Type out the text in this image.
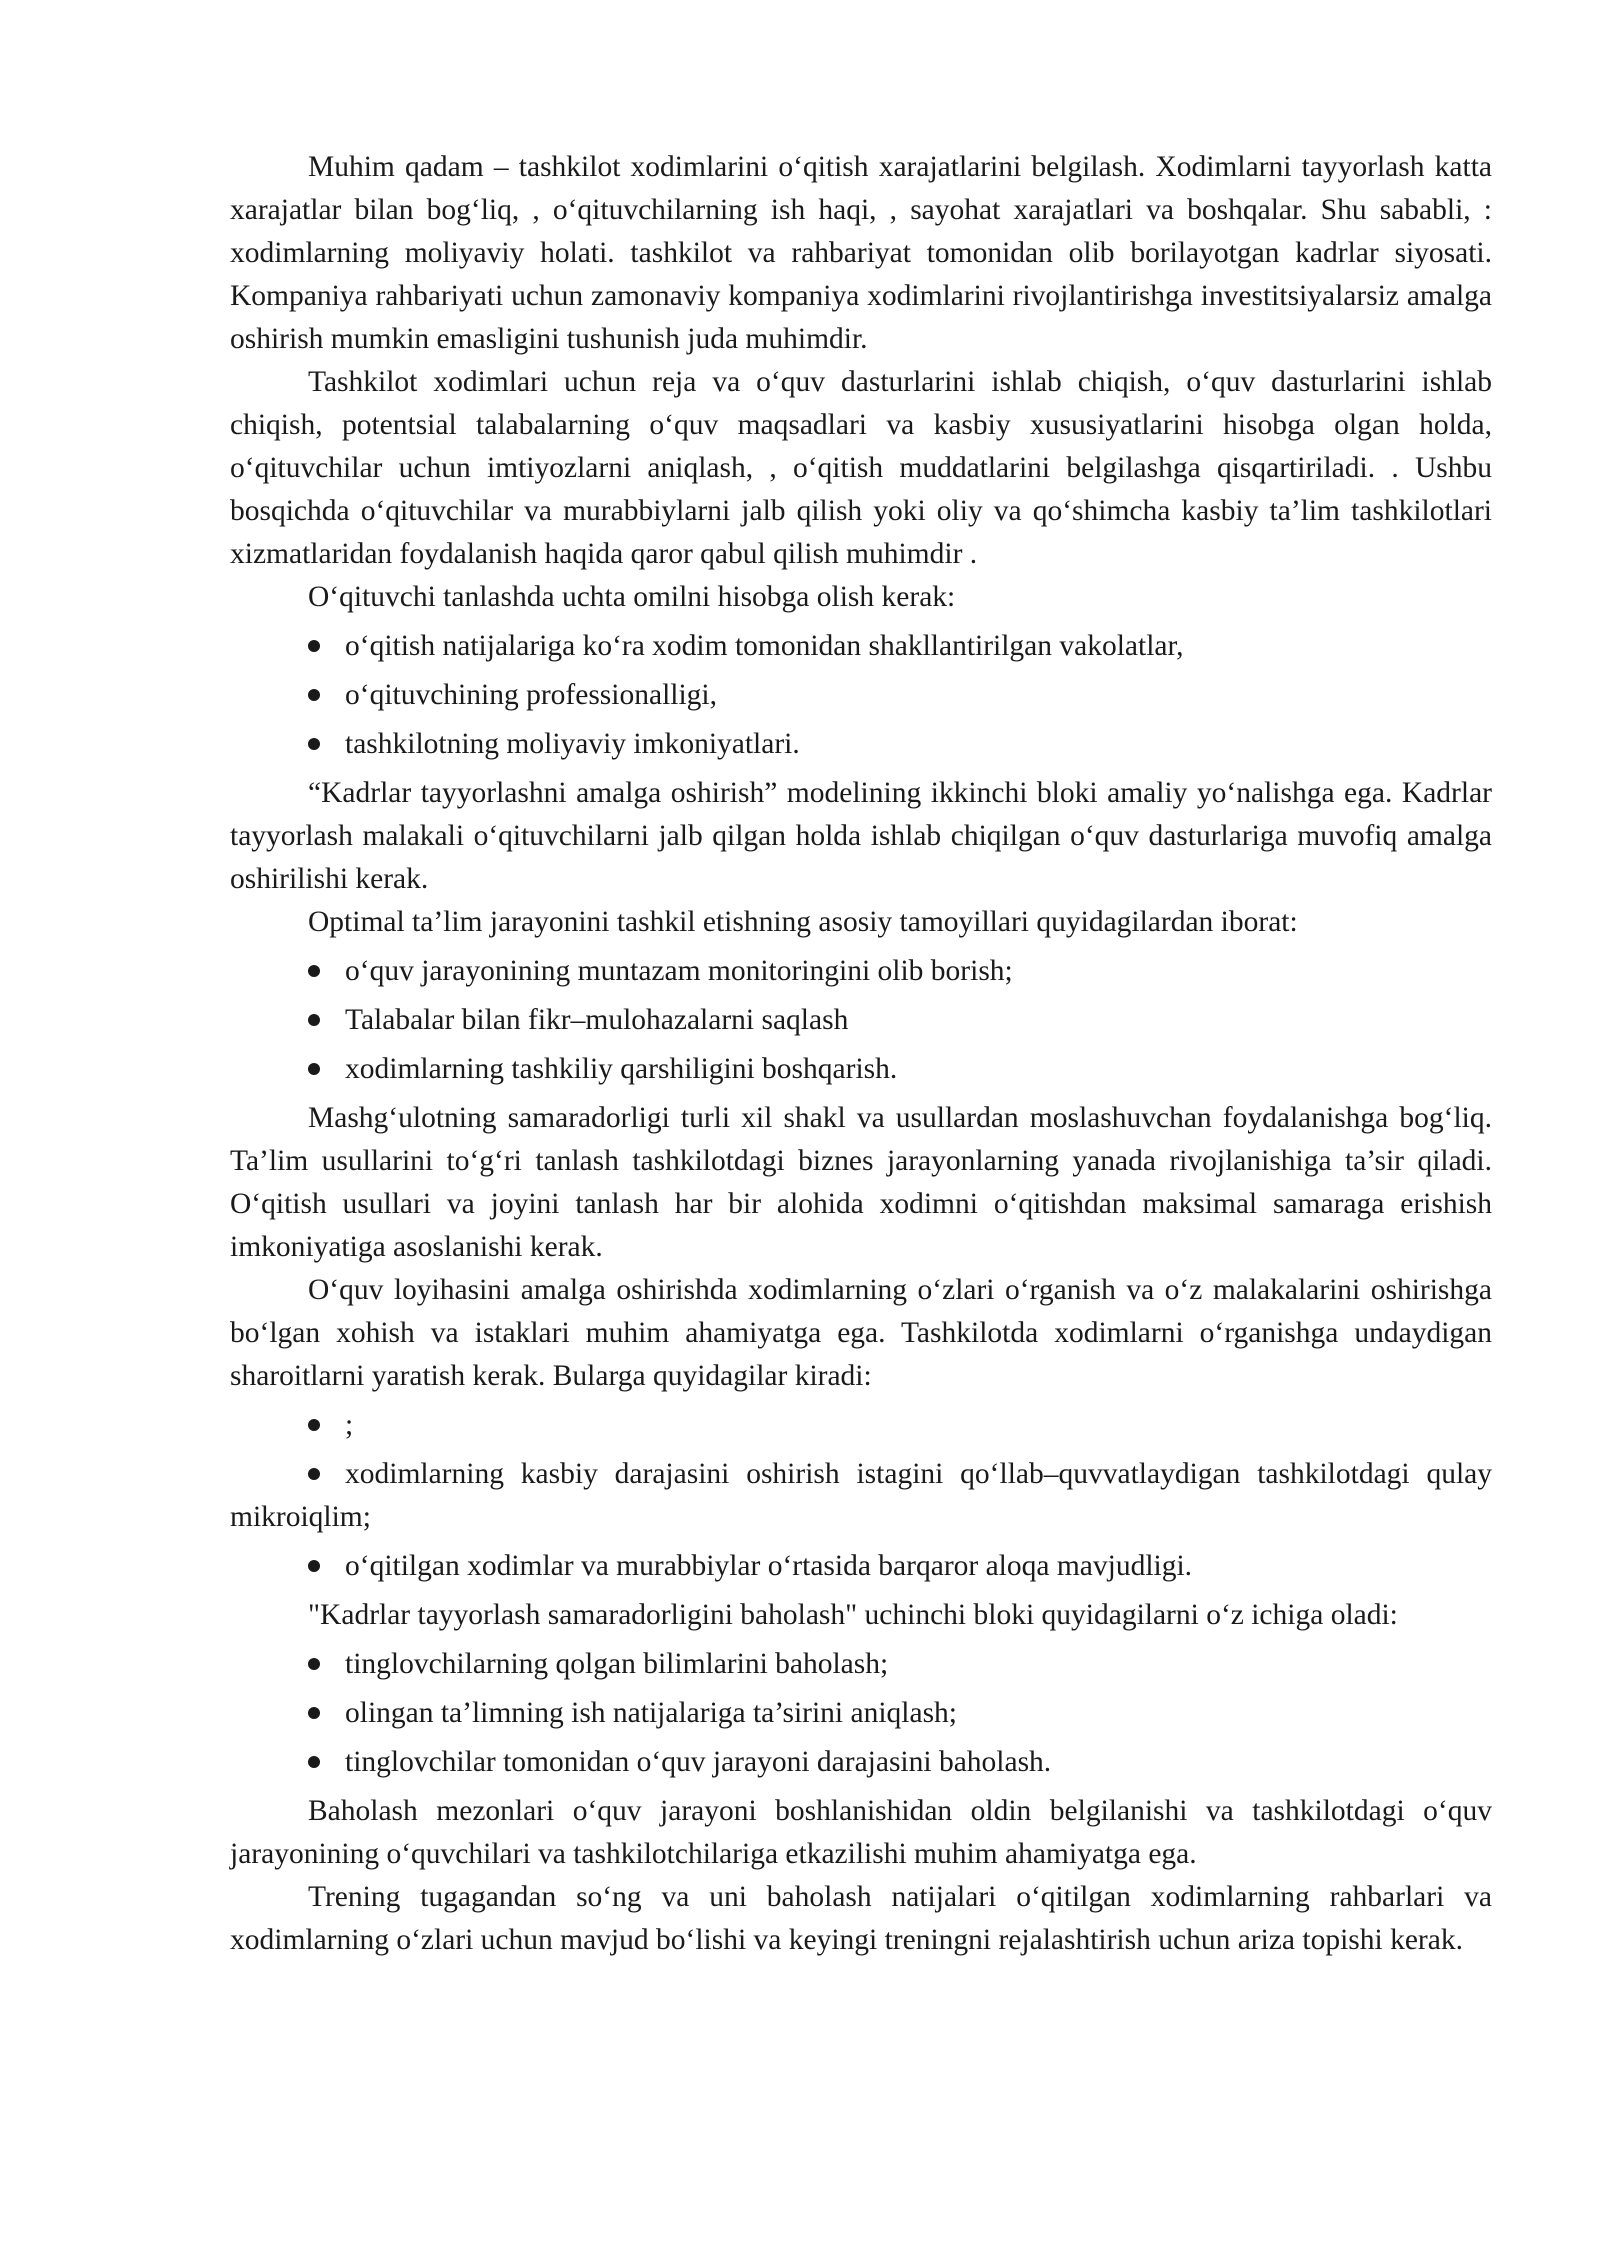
Muhim qadam – tashkilot xodimlarini oʻqitish xarajatlarini belgilash. Xodimlarni tayyorlash katta xarajatlar bilan bogʻliq, , oʻqituvchilarning ish haqi, , sayohat xarajatlari va boshqalar. Shu sababli, : xodimlarning moliyaviy holati. tashkilot va rahbariyat tomonidan olib borilayotgan kadrlar siyosati. Kompaniya rahbariyati uchun zamonaviy kompaniya xodimlarini rivojlantirishga investitsiyalarsiz amalga oshirish mumkin emasligini tushunish juda muhimdir.

Tashkilot xodimlari uchun reja va oʻquv dasturlarini ishlab chiqish, oʻquv dasturlarini ishlab chiqish, potentsial talabalarning oʻquv maqsadlari va kasbiy xususiyatlarini hisobga olgan holda, oʻqituvchilar uchun imtiyozlarni aniqlash, , oʻqitish muddatlarini belgilashga qisqartiriladi. . Ushbu bosqichda oʻqituvchilar va murabbiylarni jalb qilish yoki oliy va qoʻshimcha kasbiy ta’lim tashkilotlari xizmatlaridan foydalanish haqida qaror qabul qilish muhimdir .

Oʻqituvchi tanlashda uchta omilni hisobga olish kerak:

oʻqitish natijalariga koʻra xodim tomonidan shakllantirilgan vakolatlar,
oʻqituvchining professionalligi,
tashkilotning moliyaviy imkoniyatlari.

“Kadrlar tayyorlashni amalga oshirish” modelining ikkinchi bloki amaliy yoʻnalishga ega. Kadrlar tayyorlash malakali oʻqituvchilarni jalb qilgan holda ishlab chiqilgan oʻquv dasturlariga muvofiq amalga oshirilishi kerak.

Optimal ta’lim jarayonini tashkil etishning asosiy tamoyillari quyidagilardan iborat:

oʻquv jarayonining muntazam monitoringini olib borish;
Talabalar bilan fikr–mulohazalarni saqlash
xodimlarning tashkiliy qarshiligini boshqarish.

Mashgʻulotning samaradorligi turli xil shakl va usullardan moslashuvchan foydalanishga bogʻliq. Ta’lim usullarini toʻgʻri tanlash tashkilotdagi biznes jarayonlarning yanada rivojlanishiga ta’sir qiladi. Oʻqitish usullari va joyini tanlash har bir alohida xodimni oʻqitishdan maksimal samaraga erishish imkoniyatiga asoslanishi kerak.

Oʻquv loyihasini amalga oshirishda xodimlarning oʻzlari oʻrganish va oʻz malakalarini oshirishga boʻlgan xohish va istaklari muhim ahamiyatga ega. Tashkilotda xodimlarni oʻrganishga undaydigan sharoitlarni yaratish kerak. Bularga quyidagilar kiradi:

;
xodimlarning kasbiy darajasini oshirish istagini qoʻllab–quvvatlaydigan tashkilotdagi qulay mikroiqlim;
oʻqitilgan xodimlar va murabbiylar oʻrtasida barqaror aloqa mavjudligi.

"Kadrlar tayyorlash samaradorligini baholash" uchinchi bloki quyidagilarni oʻz ichiga oladi:

tinglovchilarning qolgan bilimlarini baholash;
olingan ta’limning ish natijalariga ta’sirini aniqlash;
tinglovchilar tomonidan oʻquv jarayoni darajasini baholash.

Baholash mezonlari oʻquv jarayoni boshlanishidan oldin belgilanishi va tashkilotdagi oʻquv jarayonining oʻquvchilari va tashkilotchilariga etkazilishi muhim ahamiyatga ega.

Trening tugagandan soʻng va uni baholash natijalari oʻqitilgan xodimlarning rahbarlari va xodimlarning oʻzlari uchun mavjud boʻlishi va keyingi treningni rejalashtirish uchun ariza topishi kerak.
